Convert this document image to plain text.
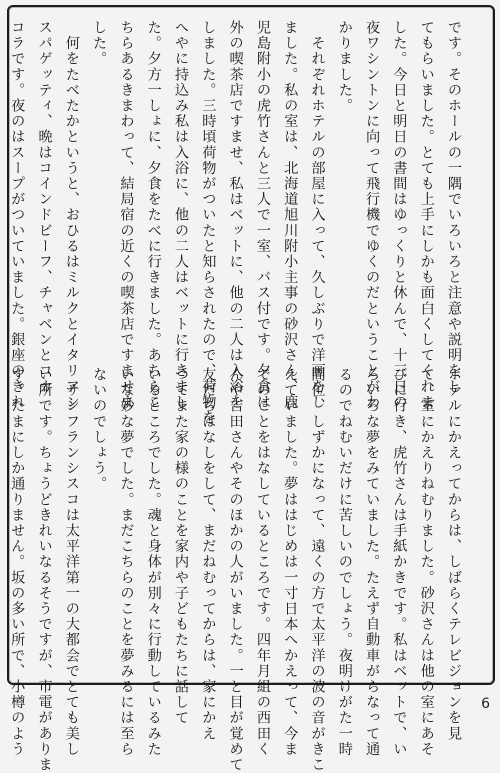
です。そのホールの一隅でいろいろと注意や説明をし
てもらいました。とても上手にしかも面白くしてくれま
した。今日と明日の書間はゆっくりと休んで、十三日の
夜ワシントンに向って飛行機でゆくのだということがわ
かりました。
　それぞれホテルの部屋に入って、久しぶりで洋画をし
ました。私の室は、北海道旭川附小主事の砂沢さん、鹿
児島附小の虎竹さんと三人で一室、バス付です。夕食は
外の喫茶店ですませ、私はベットに、他の二人は入浴を
しました。三時頃荷物がついたと知らされたので、荷物を
へやに持込み私は入浴に、他の二人はベットに行きまし
た。夕方一しょに、夕食をたべに行きました。あちらこ
ちらあるきまわって、結局宿の近くの喫茶店ですませま
した。
　何をたべたかというと、おひるはミルクとイタリアン
スパゲッティ、晩はコインドビーフ、チャベンとコカ
コラです。夜のはスープがついていました。銀座のきれ

ホテルにかえってからは、しばらくテレビジョンを見
て、室にかえりねむりました。砂沢さんは他の室にあそ
びに行き、虎竹さんは手紙かきです。私はベットで、い
ろいろな夢をみていました。たえず自動車がらなって通
るのでねむいだけに苦しいのでしょう。夜明けがた一時
間位、しずかになって、遠くの方で太平洋の波の音がきこ
えていました。夢ははじめは一寸日本へかえって、今ま
でのことをはなしているところです。四年月組の西田く
んや吉田さんやそのほかの人がいました。一と目が覚めて
友だちはなしをして、まだねむってからは、家にかえ
つてまた家の様のことを家内や子どもたちに話して
いるところでした。魂と身体が別々に行動しているみた
いな妙な夢でした。まだこちらのことを夢みるには至ら
ないのでしょう。
　サンフランシスコは太平洋第一の大都会でとても美し
い所です。ちょうどきれいなるそうですが、市電がありま
す。たまにしか通りません。坂の多い所で、小樽のよう	6
